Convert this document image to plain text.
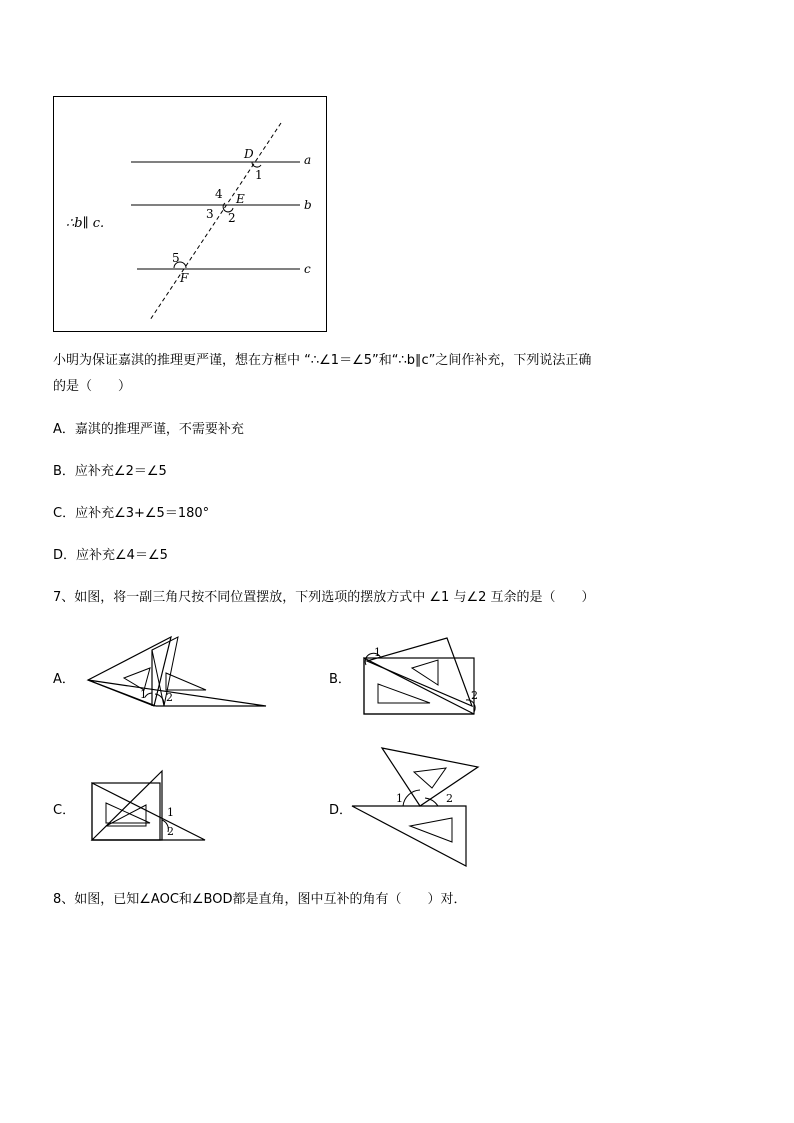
∴b∥ c.
a
b
c
D
E
F
1
2
3
4
5
小明为保证嘉淇的推理更严谨，想在方框中 “∴∠1＝∠5”和“∴b∥c”之间作补充，下列说法正确
的是（　　）
A．嘉淇的推理严谨，不需要补充
B．应补充∠2＝∠5
C．应补充∠3+∠5＝180°
D．应补充∠4＝∠5
7、如图，将一副三角尺按不同位置摆放，下列选项的摆放方式中 ∠1 与∠2 互余的是（　　）
A．	B．
C．	D．
1 2
1
2
1
2
1	2
8、如图，已知∠AOC和∠BOD都是直角，图中互补的角有（　　）对．
